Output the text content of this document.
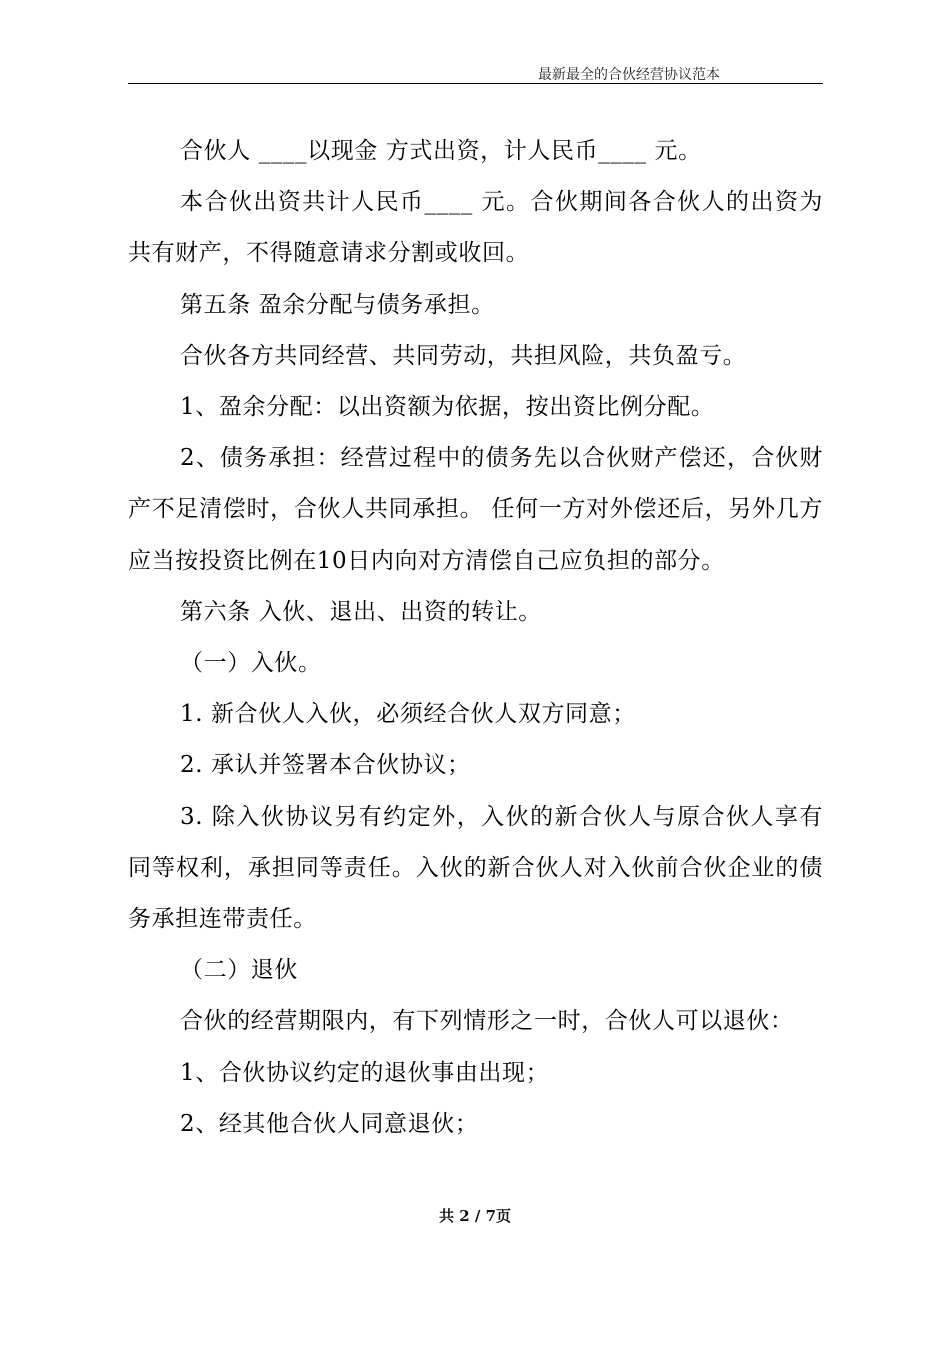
最新最全的合伙经营协议范本

合伙人 ____以现金 方式出资，计人民币____ 元。

本合伙出资共计人民币____ 元。合伙期间各合伙人的出资为共有财产，不得随意请求分割或收回。

第五条 盈余分配与债务承担。

合伙各方共同经营、共同劳动，共担风险，共负盈亏。

1、盈余分配：以出资额为依据，按出资比例分配。

2、债务承担：经营过程中的债务先以合伙财产偿还，合伙财产不足清偿时，合伙人共同承担。 任何一方对外偿还后，另外几方应当按投资比例在10日内向对方清偿自己应负担的部分。

第六条 入伙、退出、出资的转让。

（一）入伙。

1. 新合伙人入伙，必须经合伙人双方同意；

2. 承认并签署本合伙协议；

3. 除入伙协议另有约定外，入伙的新合伙人与原合伙人享有同等权利，承担同等责任。入伙的新合伙人对入伙前合伙企业的债务承担连带责任。

（二）退伙

合伙的经营期限内，有下列情形之一时，合伙人可以退伙：

1、合伙协议约定的退伙事由出现；

2、经其他合伙人同意退伙；

共 2 / 7页
